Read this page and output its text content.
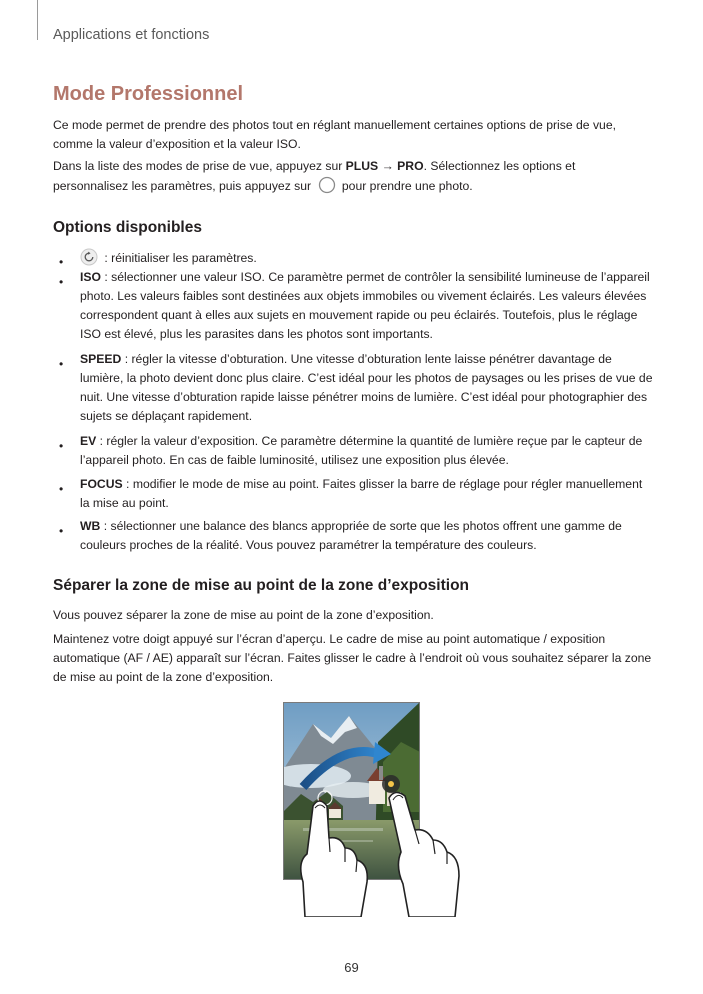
Applications et fonctions
Mode Professionnel

Ce mode permet de prendre des photos tout en réglant manuellement certaines options de prise de vue, comme la valeur d’exposition et la valeur ISO.

Dans la liste des modes de prise de vue, appuyez sur PLUS → PRO. Sélectionnez les options et personnalisez les paramètres, puis appuyez sur  pour prendre une photo.

Options disponibles
•	: réinitialiser les paramètres.

• ISO : sélectionner une valeur ISO. Ce paramètre permet de contrôler la sensibilité lumineuse de l’appareil photo. Les valeurs faibles sont destinées aux objets immobiles ou vivement éclairés. Les valeurs élevées correspondent quant à elles aux sujets en mouvement rapide ou peu éclairés. Toutefois, plus le réglage ISO est élevé, plus les parasites dans les photos sont importants.

• SPEED : régler la vitesse d’obturation. Une vitesse d’obturation lente laisse pénétrer davantage de lumière, la photo devient donc plus claire. C’est idéal pour les photos de paysages ou les prises de vue de nuit. Une vitesse d’obturation rapide laisse pénétrer moins de lumière. C’est idéal pour photographier des sujets se déplaçant rapidement.

• EV : régler la valeur d’exposition. Ce paramètre détermine la quantité de lumière reçue par le capteur de l’appareil photo. En cas de faible luminosité, utilisez une exposition plus élevée.

• FOCUS : modifier le mode de mise au point. Faites glisser la barre de réglage pour régler manuellement la mise au point.

• WB : sélectionner une balance des blancs appropriée de sorte que les photos offrent une gamme de couleurs proches de la réalité. Vous pouvez paramétrer la température des couleurs.

Séparer la zone de mise au point de la zone d’exposition

Vous pouvez séparer la zone de mise au point de la zone d’exposition.

Maintenez votre doigt appuyé sur l’écran d’aperçu. Le cadre de mise au point automatique / exposition automatique (AF / AE) apparaît sur l’écran. Faites glisser le cadre à l’endroit où vous souhaitez séparer la zone de mise au point de la zone d’exposition.

69
